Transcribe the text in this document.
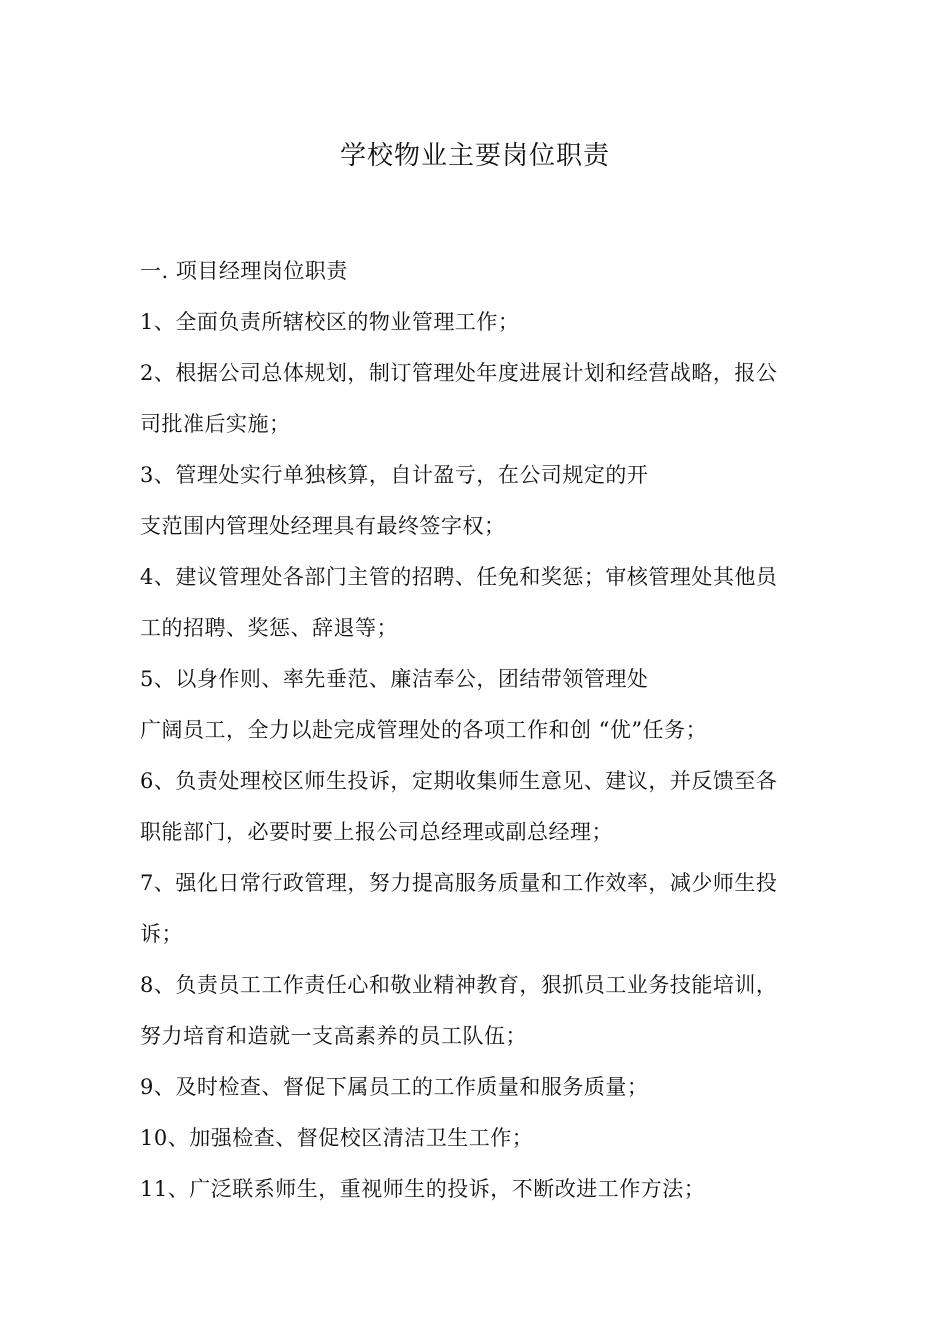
学校物业主要岗位职责
一. 项目经理岗位职责
1、全面负责所辖校区的物业管理工作；
2、根据公司总体规划，制订管理处年度进展计划和经营战略，报公
司批准后实施；
3、管理处实行单独核算，自计盈亏，在公司规定的开
支范围内管理处经理具有最终签字权；
4、建议管理处各部门主管的招聘、任免和奖惩；审核管理处其他员
工的招聘、奖惩、辞退等；
5、以身作则、率先垂范、廉洁奉公，团结带领管理处
广阔员工，全力以赴完成管理处的各项工作和创 “优”任务；
6、负责处理校区师生投诉，定期收集师生意见、建议，并反馈至各
职能部门，必要时要上报公司总经理或副总经理；
7、强化日常行政管理，努力提高服务质量和工作效率，减少师生投
诉；
8、负责员工工作责任心和敬业精神教育，狠抓员工业务技能培训，
努力培育和造就一支高素养的员工队伍；
9、及时检查、督促下属员工的工作质量和服务质量；
10、加强检查、督促校区清洁卫生工作；
11、广泛联系师生，重视师生的投诉，不断改进工作方法；
